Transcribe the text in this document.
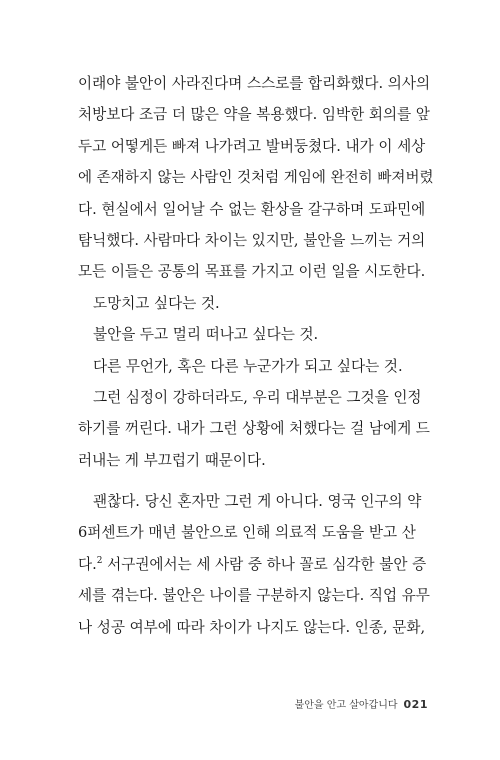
이래야 불안이 사라진다며 스스로를 합리화했다. 의사의
처방보다 조금 더 많은 약을 복용했다. 임박한 회의를 앞
두고 어떻게든 빠져 나가려고 발버둥쳤다. 내가 이 세상
에 존재하지 않는 사람인 것처럼 게임에 완전히 빠져버렸
다. 현실에서 일어날 수 없는 환상을 갈구하며 도파민에
탐닉했다. 사람마다 차이는 있지만, 불안을 느끼는 거의
모든 이들은 공통의 목표를 가지고 이런 일을 시도한다.
도망치고 싶다는 것.
불안을 두고 멀리 떠나고 싶다는 것.
다른 무언가, 혹은 다른 누군가가 되고 싶다는 것.
그런 심정이 강하더라도, 우리 대부분은 그것을 인정
하기를 꺼린다. 내가 그런 상황에 처했다는 걸 남에게 드
러내는 게 부끄럽기 때문이다.
괜찮다. 당신 혼자만 그런 게 아니다. 영국 인구의 약
6퍼센트가 매년 불안으로 인해 의료적 도움을 받고 산
다.$^2$ 서구권에서는 세 사람 중 하나 꼴로 심각한 불안 증
세를 겪는다. 불안은 나이를 구분하지 않는다. 직업 유무
나 성공 여부에 따라 차이가 나지도 않는다. 인종, 문화,
불안을 안고 살아갑니다 021
